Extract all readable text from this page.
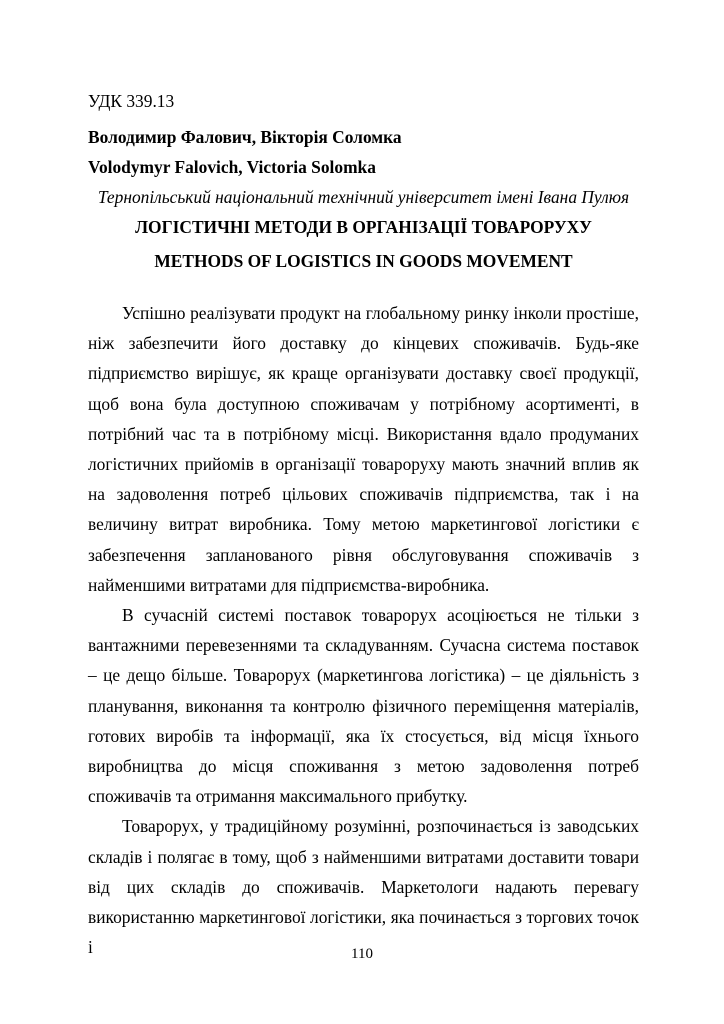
УДК 339.13
Володимир Фалович, Вікторія Соломка
Volodymyr Falovich, Victoria Solomka
Тернопільський національний технічний університет імені Івана Пулюя
ЛОГІСТИЧНІ МЕТОДИ В ОРГАНІЗАЦІЇ ТОВАРОРУХУ
METHODS OF LOGISTICS IN GOODS MOVEMENT

Успішно реалізувати продукт на глобальному ринку інколи простіше, ніж забезпечити його доставку до кінцевих споживачів. Будь-яке підприємство вирішує, як краще організувати доставку своєї продукції, щоб вона була доступною споживачам у потрібному асортименті, в потрібний час та в потрібному місці. Використання вдало продуманих логістичних прийомів в організації товароруху мають значний вплив як на задоволення потреб цільових споживачів підприємства, так і на величину витрат виробника. Тому метою маркетингової логістики є забезпечення запланованого рівня обслуговування споживачів з найменшими витратами для підприємства-виробника.

В сучасній системі поставок товарорух асоціюється не тільки з вантажними перевезеннями та складуванням. Сучасна система поставок – це дещо більше. Товарорух (маркетингова логістика) – це діяльність з планування, виконання та контролю фізичного переміщення матеріалів, готових виробів та інформації, яка їх стосується, від місця їхнього виробництва до місця споживання з метою задоволення потреб споживачів та отримання максимального прибутку.

Товарорух, у традиційному розумінні, розпочинається із заводських складів і полягає в тому, щоб з найменшими витратами доставити товари від цих складів до споживачів. Маркетологи надають перевагу використанню маркетингової логістики, яка починається з торгових точок і	110
